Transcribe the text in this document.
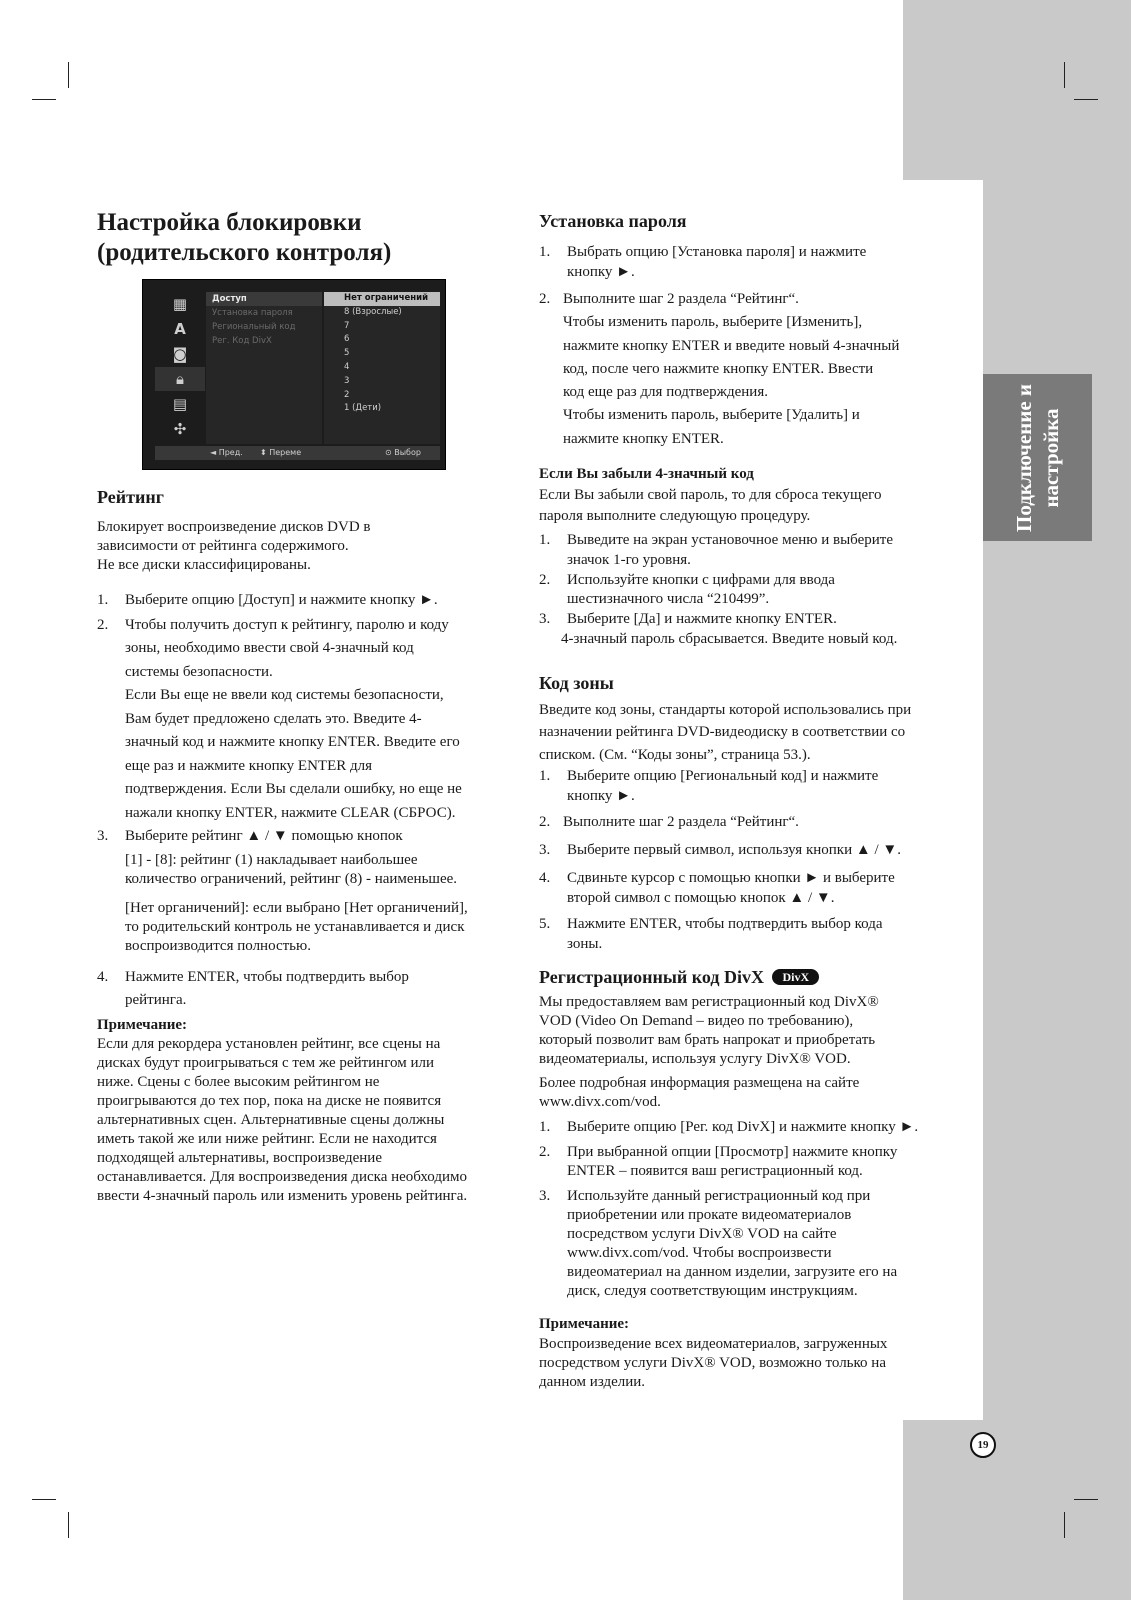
Подключение и настройка
Настройка блокировки
(родительского контроля)
▦
A
◙
🔒︎
▤
✣
Доступ
Установка пароля
Региональный код
Рег. Код DivX
Нет ограничений
8 (Взрослые)
7
6
5
4
3
2
1 (Дети)
◄ Пред. ⬍ Переме	⊙ Выбор
Рейтинг
Блокирует воспроизведение дисков DVD в
зависимости от рейтинга содержимого.
Не все диски классифицированы.
1. Выберите опцию [Доступ] и нажмите кнопку ►.
2. Чтобы получить доступ к рейтингу, паролю и коду
зоны, необходимо ввести свой 4-значный код
системы безопасности.
Если Вы еще не ввели код системы безопасности,
Вам будет предложено сделать это. Введите 4-
значный код и нажмите кнопку ENTER. Введите его
еще раз и нажмите кнопку ENTER для
подтверждения. Если Вы сделали ошибку, но еще не
нажали кнопку ENTER, нажмите CLEAR (СБРОС).
3. Выберите рейтинг ▲ / ▼ помощью кнопок
[1] - [8]: рейтинг (1) накладывает наибольшее
количество ограничений, рейтинг (8) - наименьшее.
[Нет органичений]: если выбрано [Нет органичений],
то родительский контроль не устанавливается и диск
воспроизводится полностью.
4. Нажмите ENTER, чтобы подтвердить выбор
рейтинга.
Примечание:
Если для рекордера установлен рейтинг, все сцены на
дисках будут проигрываться с тем же рейтингом или
ниже. Сцены с более высоким рейтингом не
проигрываются до тех пор, пока на диске не появится
альтернативных сцен. Альтернативные сцены должны
иметь такой же или ниже рейтинг. Если не находится
подходящей альтернативы, воспроизведение
останавливается. Для воспроизведения диска необходимо
ввести 4-значный пароль или изменить уровень рейтинга.
Установка пароля
1. Выбрать опцию [Установка пароля] и нажмите
кнопку ►.
2. Выполните шаг 2 раздела “Рейтинг“.
Чтобы изменить пароль, выберите [Изменить],
нажмите кнопку ENTER и введите новый 4-значный
код, после чего нажмите кнопку ENTER. Ввести
код еще раз для подтверждения.
Чтобы изменить пароль, выберите [Удалить] и
нажмите кнопку ENTER.
Если Вы забыли 4-значный код
Если Вы забыли свой пароль, то для сброса текущего
пароля выполните следующую процедуру.
1. Выведите на экран установочное меню и выберите
значок 1-го уровня.
2. Используйте кнопки с цифрами для ввода
шестизначного числа “210499”.
3. Выберите [Да] и нажмите кнопку ENTER.
4-значный пароль сбрасывается. Введите новый код.
Код зоны
Введите код зоны, стандарты которой использовались при
назначении рейтинга DVD-видеодиску в соответствии со
списком. (См. “Коды зоны”, страница 53.).
1. Выберите опцию [Региональный код] и нажмите
кнопку ►.
2. Выполните шаг 2 раздела “Рейтинг“.
3. Выберите первый символ, используя кнопки ▲ / ▼.
4. Сдвиньте курсор с помощью кнопки ► и выберите
второй символ с помощью кнопок ▲ / ▼.
5. Нажмите ENTER, чтобы подтвердить выбор кода
зоны.
Регистрационный код DivX DivX
Мы предоставляем вам регистрационный код DivX®
VOD (Video On Demand – видео по требованию),
который позволит вам брать напрокат и приобретать
видеоматериалы, используя услугу DivX® VOD.
Более подробная информация размещена на сайте
www.divx.com/vod.
1. Выберите опцию [Рег. код DivX] и нажмите кнопку ►.
2. При выбранной опции [Просмотр] нажмите кнопку
ENTER – появится ваш регистрационный код.
3. Используйте данный регистрационный код при
приобретении или прокате видеоматериалов
посредством услуги DivX® VOD на сайте
www.divx.com/vod. Чтобы воспроизвести
видеоматериал на данном изделии, загрузите его на
диск, следуя соответствующим инструкциям.
Примечание:
Воспроизведение всех видеоматериалов, загруженных
посредством услуги DivX® VOD, возможно только на
данном изделии.
19
